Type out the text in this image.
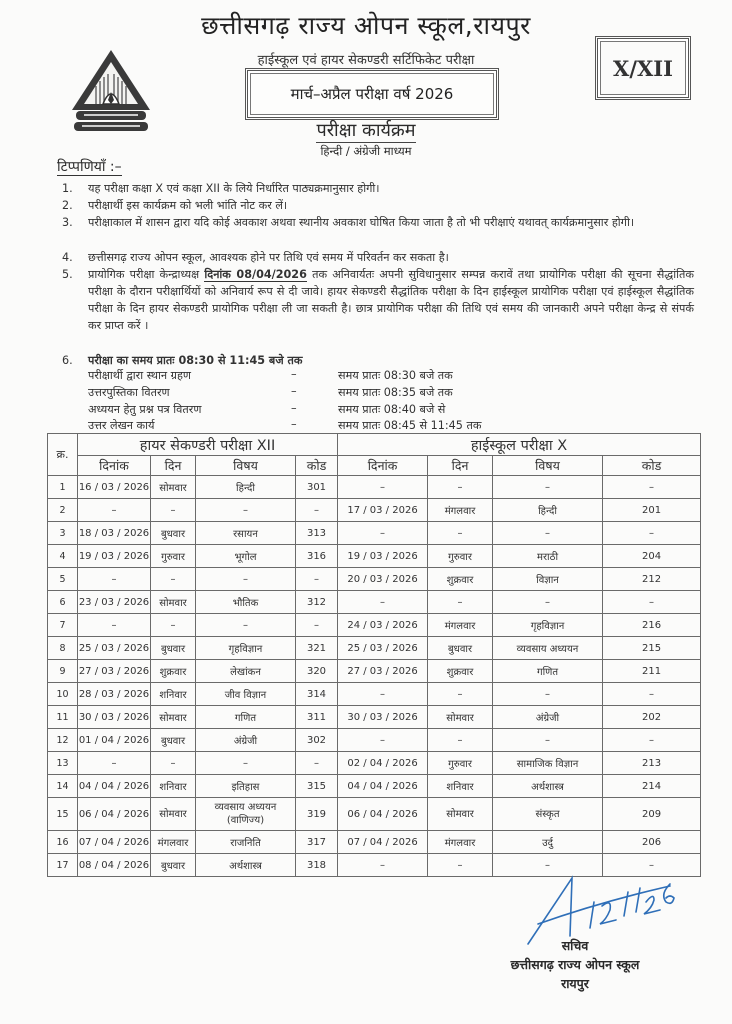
छत्तीसगढ़ राज्य ओपन स्कूल,रायपुर
हाईस्कूल एवं हायर सेकण्डरी सर्टिफिकेट परीक्षा
मार्च–अप्रैल परीक्षा वर्ष 2026
X/XII
परीक्षा कार्यक्रम
हिन्दी / अंग्रेजी माध्यम
टिप्पणियाँ :–
1.	यह परीक्षा कक्षा X एवं कक्षा XII के लिये निर्धारित पाठ्यक्रमानुसार होगी।
2.	परीक्षार्थी इस कार्यक्रम को भली भांति नोट कर लें।
3.	परीक्षाकाल में शासन द्वारा यदि कोई अवकाश अथवा स्थानीय अवकाश घोषित किया जाता है तो भी परीक्षाएं यथावत् कार्यक्रमानुसार होगी।
4.	छत्तीसगढ़ राज्य ओपन स्कूल, आवश्यक होने पर तिथि एवं समय में परिवर्तन कर सकता है।
5.	प्रायोगिक परीक्षा केन्द्राध्यक्ष दिनांक 08/04/2026 तक अनिवार्यतः अपनी सुविधानुसार सम्पन्न करावें तथा प्रायोगिक परीक्षा की सूचना सैद्धांतिक परीक्षा के दौरान परीक्षार्थियों को अनिवार्य रूप से दी जावे। हायर सेकण्डरी सैद्धांतिक परीक्षा के दिन हाईस्कूल प्रायोगिक परीक्षा एवं हाईस्कूल सैद्धांतिक परीक्षा के दिन हायर सेकण्डरी प्रायोगिक परीक्षा ली जा सकती है। छात्र प्रायोगिक परीक्षा की तिथि एवं समय की जानकारी अपने परीक्षा केन्द्र से संपर्क कर प्राप्त करें ।
6.	परीक्षा का समय प्रातः 08:30 से 11:45 बजे तक
परीक्षार्थी द्वारा स्थान ग्रहण	–	समय प्रातः 08:30 बजे तक
उत्तरपुस्तिका वितरण	–	समय प्रातः 08:35 बजे तक
अध्ययन हेतु प्रश्न पत्र वितरण	–	समय प्रातः 08:40 बजे से
उत्तर लेखन कार्य	–	समय प्रातः 08:45 से 11:45 तक
क्र.	हायर सेकण्डरी परीक्षा XII				हाईस्कूल परीक्षा X			
	दिनांक	दिन	विषय	कोड	दिनांक	दिन	विषय	कोड
1	16 / 03 / 2026	सोमवार	हिन्दी	301	–	–	–	–
2	–	–	–	–	17 / 03 / 2026	मंगलवार	हिन्दी	201
3	18 / 03 / 2026	बुधवार	रसायन	313	–	–	–	–
4	19 / 03 / 2026	गुरुवार	भूगोल	316	19 / 03 / 2026	गुरुवार	मराठी	204
5	–	–	–	–	20 / 03 / 2026	शुक्रवार	विज्ञान	212
6	23 / 03 / 2026	सोमवार	भौतिक	312	–	–	–	–
7	–	–	–	–	24 / 03 / 2026	मंगलवार	गृहविज्ञान	216
8	25 / 03 / 2026	बुधवार	गृहविज्ञान	321	25 / 03 / 2026	बुधवार	व्यवसाय अध्ययन	215
9	27 / 03 / 2026	शुक्रवार	लेखांकन	320	27 / 03 / 2026	शुक्रवार	गणित	211
10	28 / 03 / 2026	शनिवार	जीव विज्ञान	314	–	–	–	–
11	30 / 03 / 2026	सोमवार	गणित	311	30 / 03 / 2026	सोमवार	अंग्रेजी	202
12	01 / 04 / 2026	बुधवार	अंग्रेजी	302	–	–	–	–
13	–	–	–	–	02 / 04 / 2026	गुरुवार	सामाजिक विज्ञान	213
14	04 / 04 / 2026	शनिवार	इतिहास	315	04 / 04 / 2026	शनिवार	अर्थशास्त्र	214
15	06 / 04 / 2026	सोमवार	व्यवसाय अध्ययन (वाणिज्य)	319	06 / 04 / 2026	सोमवार	संस्कृत	209
16	07 / 04 / 2026	मंगलवार	राजनिति	317	07 / 04 / 2026	मंगलवार	उर्दु	206
17	08 / 04 / 2026	बुधवार	अर्थशास्त्र	318	–	–	–	–
सचिव
छत्तीसगढ़ राज्य ओपन स्कूल
रायपुर
